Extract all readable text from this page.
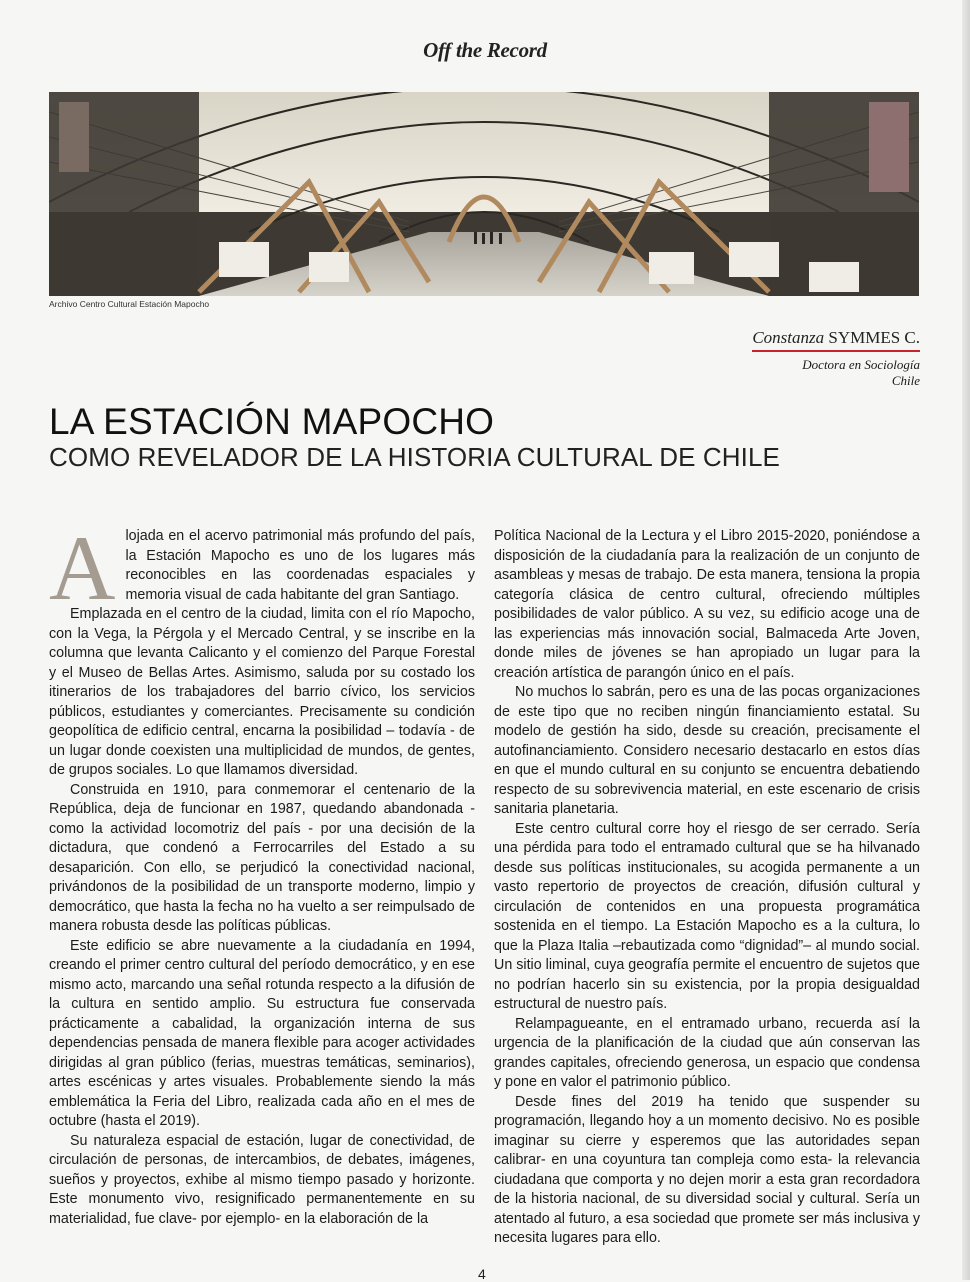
Off the Record
Archivo Centro Cultural Estación Mapocho
Constanza SYMMES C.
Doctora en Sociología
Chile
LA ESTACIÓN MAPOCHO
COMO REVELADOR DE LA HISTORIA CULTURAL DE CHILE

Alojada en el acervo patrimonial más profundo del país, la Estación Mapocho es uno de los lugares más reconocibles en las coordenadas espaciales y memoria visual de cada habitante del gran Santiago.

Emplazada en el centro de la ciudad, limita con el río Mapocho, con la Vega, la Pérgola y el Mercado Central, y se inscribe en la columna que levanta Calicanto y el comienzo del Parque Forestal y el Museo de Bellas Artes. Asimismo, saluda por su costado los itinerarios de los trabajadores del barrio cívico, los servicios públicos, estudiantes y comerciantes. Precisamente su condición geopolítica de edificio central, encarna la posibilidad – todavía - de un lugar donde coexisten una multiplicidad de mundos, de gentes, de grupos sociales. Lo que llamamos diversidad.

Construida en 1910, para conmemorar el centenario de la República, deja de funcionar en 1987, quedando abandonada - como la actividad locomotriz del país - por una decisión de la dictadura, que condenó a Ferrocarriles del Estado a su desaparición. Con ello, se perjudicó la conectividad nacional, privándonos de la posibilidad de un transporte moderno, limpio y democrático, que hasta la fecha no ha vuelto a ser reimpulsado de manera robusta desde las políticas públicas.

Este edificio se abre nuevamente a la ciudadanía en 1994, creando el primer centro cultural del período democrático, y en ese mismo acto, marcando una señal rotunda respecto a la difusión de la cultura en sentido amplio. Su estructura fue conservada prácticamente a cabalidad, la organización interna de sus dependencias pensada de manera flexible para acoger actividades dirigidas al gran público (ferias, muestras temáticas, seminarios), artes escénicas y artes visuales. Probablemente siendo la más emblemática la Feria del Libro, realizada cada año en el mes de octubre (hasta el 2019).

Su naturaleza espacial de estación, lugar de conectividad, de circulación de personas, de intercambios, de debates, imágenes, sueños y proyectos, exhibe al mismo tiempo pasado y horizonte. Este monumento vivo, resignificado permanentemente en su materialidad, fue clave- por ejemplo- en la elaboración de la

Política Nacional de la Lectura y el Libro 2015-2020, poniéndose a disposición de la ciudadanía para la realización de un conjunto de asambleas y mesas de trabajo. De esta manera, tensiona la propia categoría clásica de centro cultural, ofreciendo múltiples posibilidades de valor público. A su vez, su edificio acoge una de las experiencias más innovación social, Balmaceda Arte Joven, donde miles de jóvenes se han apropiado un lugar para la creación artística de parangón único en el país.

No muchos lo sabrán, pero es una de las pocas organizaciones de este tipo que no reciben ningún financiamiento estatal. Su modelo de gestión ha sido, desde su creación, precisamente el autofinanciamiento. Considero necesario destacarlo en estos días en que el mundo cultural en su conjunto se encuentra debatiendo respecto de su sobrevivencia material, en este escenario de crisis sanitaria planetaria.

Este centro cultural corre hoy el riesgo de ser cerrado. Sería una pérdida para todo el entramado cultural que se ha hilvanado desde sus políticas institucionales, su acogida permanente a un vasto repertorio de proyectos de creación, difusión cultural y circulación de contenidos en una propuesta programática sostenida en el tiempo. La Estación Mapocho es a la cultura, lo que la Plaza Italia –rebautizada como “dignidad”– al mundo social. Un sitio liminal, cuya geografía permite el encuentro de sujetos que no podrían hacerlo sin su existencia, por la propia desigualdad estructural de nuestro país.

Relampagueante, en el entramado urbano, recuerda así la urgencia de la planificación de la ciudad que aún conservan las grandes capitales, ofreciendo generosa, un espacio que condensa y pone en valor el patrimonio público.

Desde fines del 2019 ha tenido que suspender su programación, llegando hoy a un momento decisivo. No es posible imaginar su cierre y esperemos que las autoridades sepan calibrar- en una coyuntura tan compleja como esta- la relevancia ciudadana que comporta y no dejen morir a esta gran recordadora de la historia nacional, de su diversidad social y cultural. Sería un atentado al futuro, a esa sociedad que promete ser más inclusiva y necesita lugares para ello.

4
